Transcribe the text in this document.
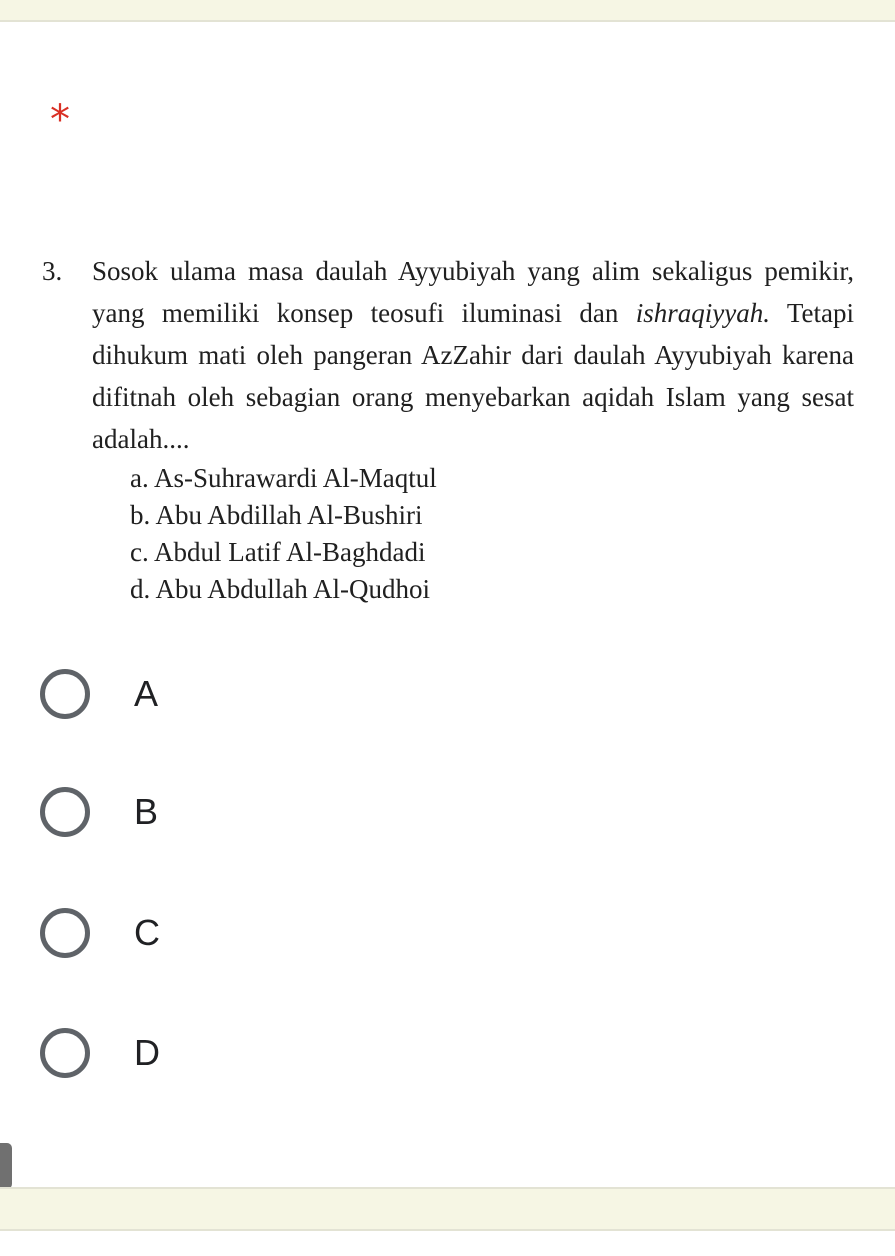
*
3. Sosok ulama masa daulah Ayyubiyah yang alim sekaligus pemikir, yang memiliki konsep teosufi iluminasi dan ishraqiyyah. Tetapi dihukum mati oleh pangeran AzZahir dari daulah Ayyubiyah karena difitnah oleh sebagian orang menyebarkan aqidah Islam yang sesat adalah....
a. As-Suhrawardi Al-Maqtul
b. Abu Abdillah Al-Bushiri
c. Abdul Latif Al-Baghdadi
d. Abu Abdullah Al-Qudhoi
A
B
C
D
